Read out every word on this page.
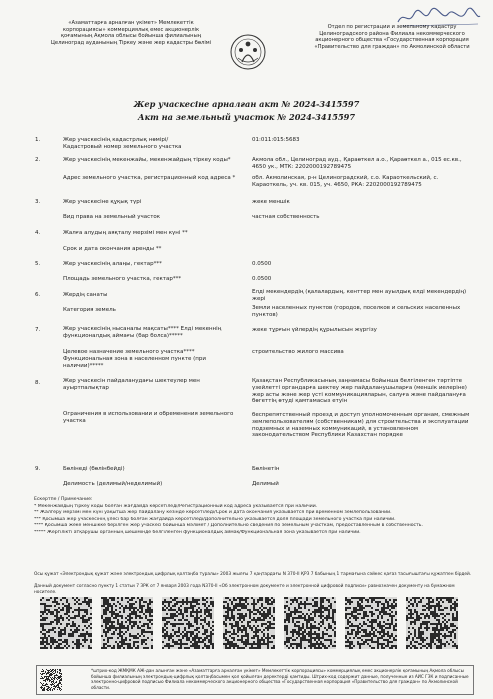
«Азаматтарға арналған үкімет» Мемлекеттік
корпорациясы» коммерциялық емес акционерлік
қоғамының Ақмола облысы бойынша филиалының
Целиноград ауданының Тіркеу және жер кадастры бөлімі
Отдел по регистрации и земельному кадастру
Целиноградского района Филиала некоммерческого
акционерного общества «Государственная корпорация
«Правительство для граждан» по Акмолинской области
Жер учаскесіне арналған акт № 2024-3415597
Акт на земельный участок № 2024-3415597
1.	Жер учаскесінің кадастрлық нөмірі/
Кадастровый номер земельного участка
01:011:015:5683
2.	Жер учаскесінің мекенжайы, мекенжайдың тіркеу коды*
Адрес земельного участка, регистрационный код адреса *
Акмола обл., Целиноград ауд., Қараөткел а.о., Қараөткел а., 015 ес.кв., 4650 ук., МТК: 2202000192789475
обл. Акмолинская, р-н Целиноградский, с.о. Караоткельский, с. Караоткель, уч. кв. 015, уч. 4650, РКА: 2202000192789475
3.	Жер учаскесіне құқық түрі
Вид права на земельный участок
жеке меншік
частная собственность
4.	Жалға алудың аяқталу мерзімі мен күні **
Срок и дата окончания аренды **
5.	Жер учаскесінің алаңы, гектар***
Площадь земельного участка, гектар***
0.0500
0.0500
6.	Жердің санаты
Категория земель
Елді мекендердің (қалалардың, кенттер мен ауылдық елді мекендердің) жері
Земли населенных пунктов (городов, поселков и сельских населенных пунктов)
7.	Жер учаскесінің нысаналы мақсаты**** Елді мекеннің функционалдық аймағы (бар болса)*****
Целевое назначение земельного участка**** Функциональная зона в населенном пункте (при наличии)*****
жеке тұрғын үйлердің құрылысын жүргізу
строительство жилого массива
8.	Жер учаскесін пайдаланудағы шектеулер мен ауыртпалықтар
Ограничения в использовании и обременения земельного участка
Қазақстан Республикасының заңнамасы бойынша белгіленген тәртіпте үзейлетті органдарға шектеу жер пайдаланушыларға (меншік иелеріне) жер асты және жер үсті коммуникацияларын, салуға және пайдалануға бөгеттің өтуді қамтамасыз етуін
беспрепятственный проезд и доступ уполномоченным органам, смежным землепользователям (собственникам) для строительства и эксплуатации подземных и наземных коммуникаций, в установленном законодательством Республики Казахстан порядке
9.	Бөлінеді (бөлінбейді)
Делимость (делимый/неделимый)
Бөлінетін
Делимый
Ескертпе / Примечание:
* Мекенжайдың тіркеу коды болған жағдайда көрсетіледі/Регистрационный код адреса указывается при наличии.
** Жалгеру мерзімі мен күні уақытша жер пайдалану кезінде көрсетіледі/Срок и дата окончания указывается при временном землепользовании.
*** Қосымша жер учаскесінің үлесі бар болған жағдайда көрсетіледі/Дополнительно указывается доля площади земельного участка при наличии.
**** Қосымша жеке меншікке берілген жер учаскесі бойынша мәлімет / Дополнительно сведения по земельным участкам, предоставленным в собственность.
***** Жергілікті атқарушы органның шешімінде белгіленген функционалдық аймақ/Функциональная зона указывается при наличии.
Осы құжат «Электрондық құжат және электрондық цифрлық қолтаңба туралы» 2003 жылғы 7 қаңтардағы N 370-II ҚРЗ 7 бабының 1 тармағына сәйкес қағаз тасығыштағы құжатпен бірдей.
Данный документ согласно пункту 1 статьи 7 ЗРК от 7 января 2003 года N370-II «Об электронном документе и электронной цифровой подписи» равнозначен документу на бумажном носителе.
*штрих-код ЖМҚМК АЖ-дан алынған және «Азаматтарға арналған үкімет» Мемлекеттік корпорациясы» коммерциялық емес акционерлік қоғамының Ақмола облысы бойынша филиалының электрондық-цифрлық қолтаңбасымен қол қойылған деректерді қамтиды. Штрих-код содержит данные, полученные из АИС ГЗК и подписанные электронно-цифровой подписью Филиала некоммерческого акционерного общества «Государственная корпорация «Правительство для граждан» по Акмолинской области.
